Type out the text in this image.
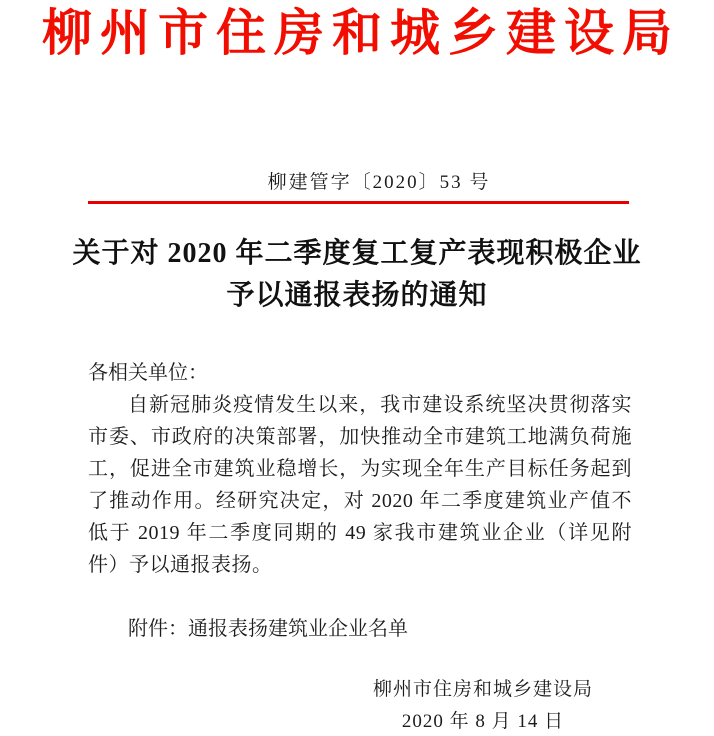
柳州市住房和城乡建设局
柳建管字〔2020〕53 号
关于对 2020 年二季度复工复产表现积极企业
予以通报表扬的通知

各相关单位：

自新冠肺炎疫情发生以来，我市建设系统坚决贯彻落实市委、市政府的决策部署，加快推动全市建筑工地满负荷施工，促进全市建筑业稳增长，为实现全年生产目标任务起到了推动作用。经研究决定，对 2020 年二季度建筑业产值不低于 2019 年二季度同期的 49 家我市建筑业企业（详见附件）予以通报表扬。

附件：通报表扬建筑业企业名单

柳州市住房和城乡建设局
2020 年 8 月 14 日
